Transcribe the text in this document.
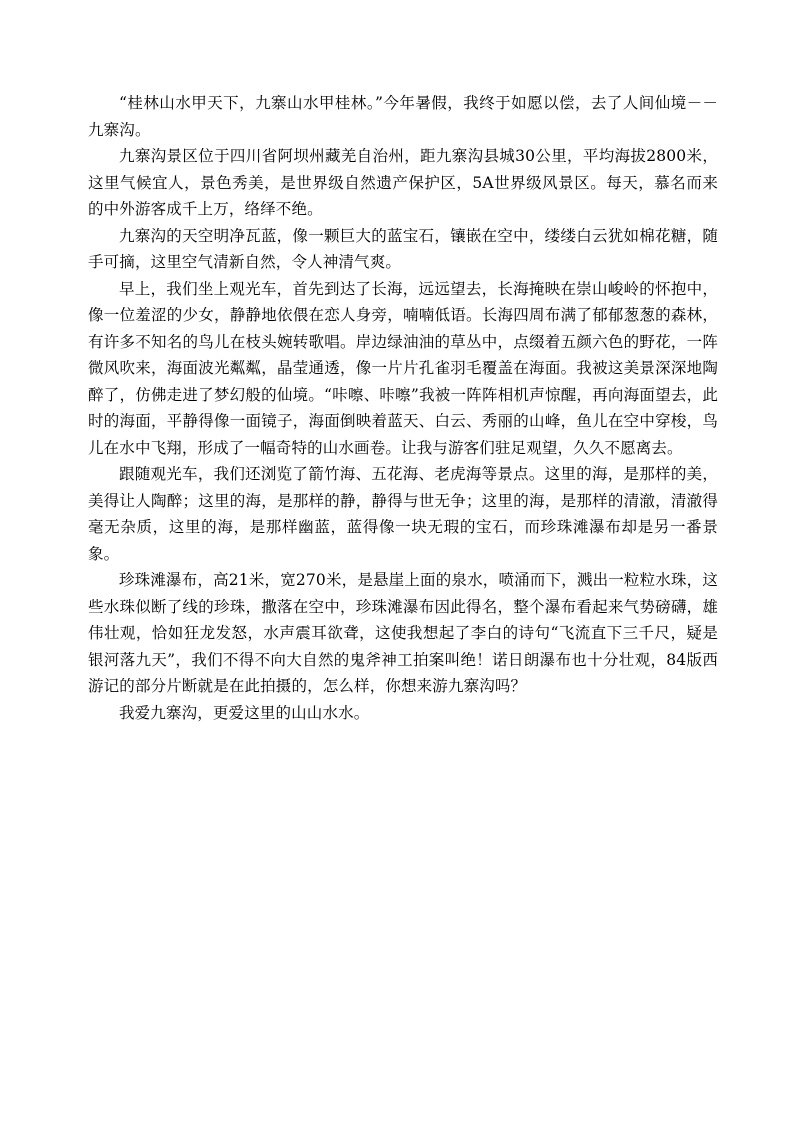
“桂林山水甲天下，九寨山水甲桂林。”今年暑假，我终于如愿以偿，去了人间仙境－－九寨沟。

九寨沟景区位于四川省阿坝州藏羌自治州，距九寨沟县城30公里，平均海拔2800米，这里气候宜人，景色秀美，是世界级自然遗产保护区，5A世界级风景区。每天，慕名而来的中外游客成千上万，络绎不绝。

九寨沟的天空明净瓦蓝，像一颗巨大的蓝宝石，镶嵌在空中，缕缕白云犹如棉花糖，随手可摘，这里空气清新自然，令人神清气爽。

早上，我们坐上观光车，首先到达了长海，远远望去，长海掩映在崇山峻岭的怀抱中，像一位羞涩的少女，静静地依偎在恋人身旁，喃喃低语。长海四周布满了郁郁葱葱的森林，有许多不知名的鸟儿在枝头婉转歌唱。岸边绿油油的草丛中，点缀着五颜六色的野花，一阵微风吹来，海面波光粼粼，晶莹通透，像一片片孔雀羽毛覆盖在海面。我被这美景深深地陶醉了，仿佛走进了梦幻般的仙境。“咔嚓、咔嚓”我被一阵阵相机声惊醒，再向海面望去，此时的海面，平静得像一面镜子，海面倒映着蓝天、白云、秀丽的山峰，鱼儿在空中穿梭，鸟儿在水中飞翔，形成了一幅奇特的山水画卷。让我与游客们驻足观望，久久不愿离去。

跟随观光车，我们还浏览了箭竹海、五花海、老虎海等景点。这里的海，是那样的美，美得让人陶醉；这里的海，是那样的静，静得与世无争；这里的海，是那样的清澈，清澈得毫无杂质，这里的海，是那样幽蓝，蓝得像一块无瑕的宝石，而珍珠滩瀑布却是另一番景象。

珍珠滩瀑布，高21米，宽270米，是悬崖上面的泉水，喷涌而下，溅出一粒粒水珠，这些水珠似断了线的珍珠，撒落在空中，珍珠滩瀑布因此得名，整个瀑布看起来气势磅礴，雄伟壮观，恰如狂龙发怒，水声震耳欲聋，这使我想起了李白的诗句“飞流直下三千尺，疑是银河落九天”，我们不得不向大自然的鬼斧神工拍案叫绝！诺日朗瀑布也十分壮观，84版西游记的部分片断就是在此拍摄的，怎么样，你想来游九寨沟吗？

我爱九寨沟，更爱这里的山山水水。
